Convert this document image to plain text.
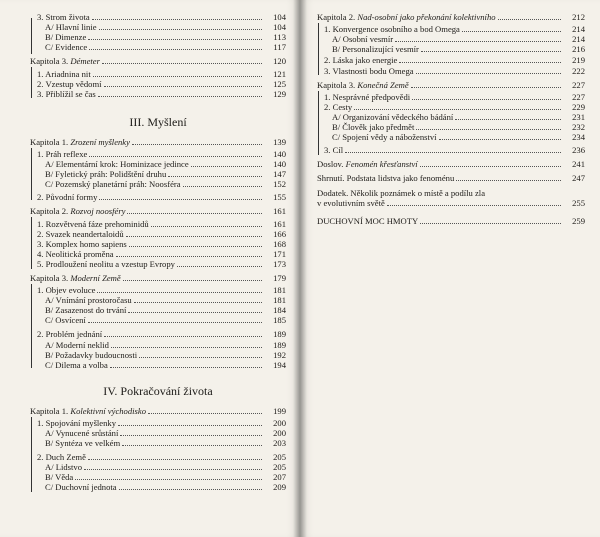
3. Strom života	104
A/ Hlavní linie	104
B/ Dimenze	113
C/ Evidence	117
Kapitola 3. Démeter	120
1. Ariadnina nit	121
2. Vzestup vědomí	125
3. Přiblížil se čas	129
III. Myšlení
Kapitola 1. Zrození myšlenky	139
1. Práh reflexe	140
A/ Elementární krok: Hominizace jedince	140
B/ Fyletický práh: Polidštění druhu	147
C/ Pozemský planetární práh: Noosféra	152
2. Původní formy	155
Kapitola 2. Rozvoj noosféry	161
1. Rozvětvená fáze prehominidů	161
2. Svazek neandertaloidů	166
3. Komplex homo sapiens	168
4. Neolitická proměna	171
5. Prodloužení neolitu a vzestup Evropy	173
Kapitola 3. Moderní Země	179
1. Objev evoluce	181
A/ Vnímání prostoročasu	181
B/ Zasazenost do trvání	184
C/ Osvícení	185
2. Problém jednání	189
A/ Moderní neklid	189
B/ Požadavky budoucnosti	192
C/ Dilema a volba	194
IV. Pokračování života
Kapitola 1. Kolektivní východisko	199
1. Spojování myšlenky	200
A/ Vynucené srůstání	200
B/ Syntéza ve velkém	203
2. Duch Země	205
A/ Lidstvo	205
B/ Věda	207
C/ Duchovní jednota	209
Kapitola 2. Nad-osobní jako překonání kolektivního	212
1. Konvergence osobního a bod Omega	214
A/ Osobní vesmír	214
B/ Personalizující vesmír	216
2. Láska jako energie	219
3. Vlastnosti bodu Omega	222
Kapitola 3. Konečná Země	227
1. Nesprávné předpovědi	227
2. Cesty	229
A/ Organizování vědeckého bádání	231
B/ Člověk jako předmět	232
C/ Spojení vědy a náboženství	234
3. Cíl	236
Doslov. Fenomén křesťanství	241
Shrnutí. Podstata lidstva jako fenoménu	247
Dodatek. Několik poznámek o místě a podílu zla
v evolutivním světě	255
DUCHOVNÍ MOC HMOTY	259
